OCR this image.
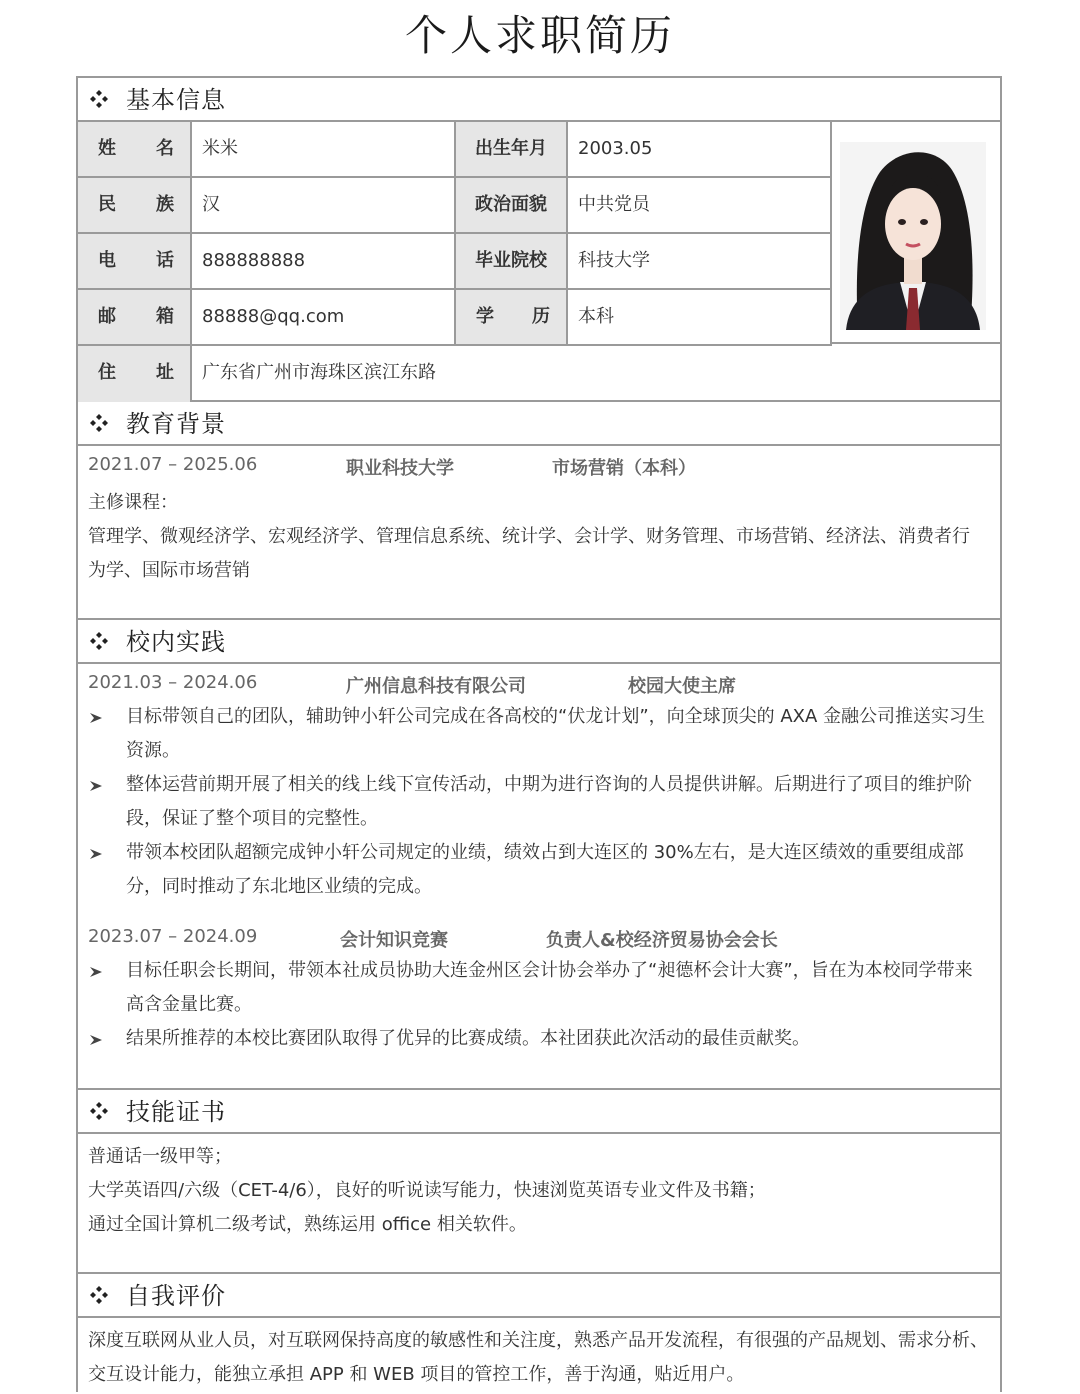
个人求职简历
基本信息
姓名	米米	出生年月	2003.05
民族	汉	政治面貌	中共党员
电话	888888888	毕业院校	科技大学
邮箱	88888@qq.com	学历	本科
住址	广东省广州市海珠区滨江东路
教育背景
2021.07 – 2025.06	职业科技大学	市场营销（本科）
主修课程：
管理学、微观经济学、宏观经济学、管理信息系统、统计学、会计学、财务管理、市场营销、经济法、消费者行
为学、国际市场营销
校内实践
2021.03 – 2024.06	广州信息科技有限公司	校园大使主席
目标带领自己的团队，辅助钟小轩公司完成在各高校的“伏龙计划”，向全球顶尖的 AXA 金融公司推送实习生
资源。
整体运营前期开展了相关的线上线下宣传活动，中期为进行咨询的人员提供讲解。后期进行了项目的维护阶
段，保证了整个项目的完整性。
带领本校团队超额完成钟小轩公司规定的业绩，绩效占到大连区的 30%左右，是大连区绩效的重要组成部
分，同时推动了东北地区业绩的完成。
2023.07 – 2024.09	会计知识竞赛	负责人&校经济贸易协会会长
目标任职会长期间，带领本社成员协助大连金州区会计协会举办了“昶德杯会计大赛”，旨在为本校同学带来
高含金量比赛。
结果所推荐的本校比赛团队取得了优异的比赛成绩。本社团获此次活动的最佳贡献奖。
技能证书
普通话一级甲等；
大学英语四/六级（CET-4/6），良好的听说读写能力，快速浏览英语专业文件及书籍；
通过全国计算机二级考试，熟练运用 office 相关软件。
自我评价
深度互联网从业人员，对互联网保持高度的敏感性和关注度，熟悉产品开发流程，有很强的产品规划、需求分析、
交互设计能力，能独立承担 APP 和 WEB 项目的管控工作，善于沟通，贴近用户。
